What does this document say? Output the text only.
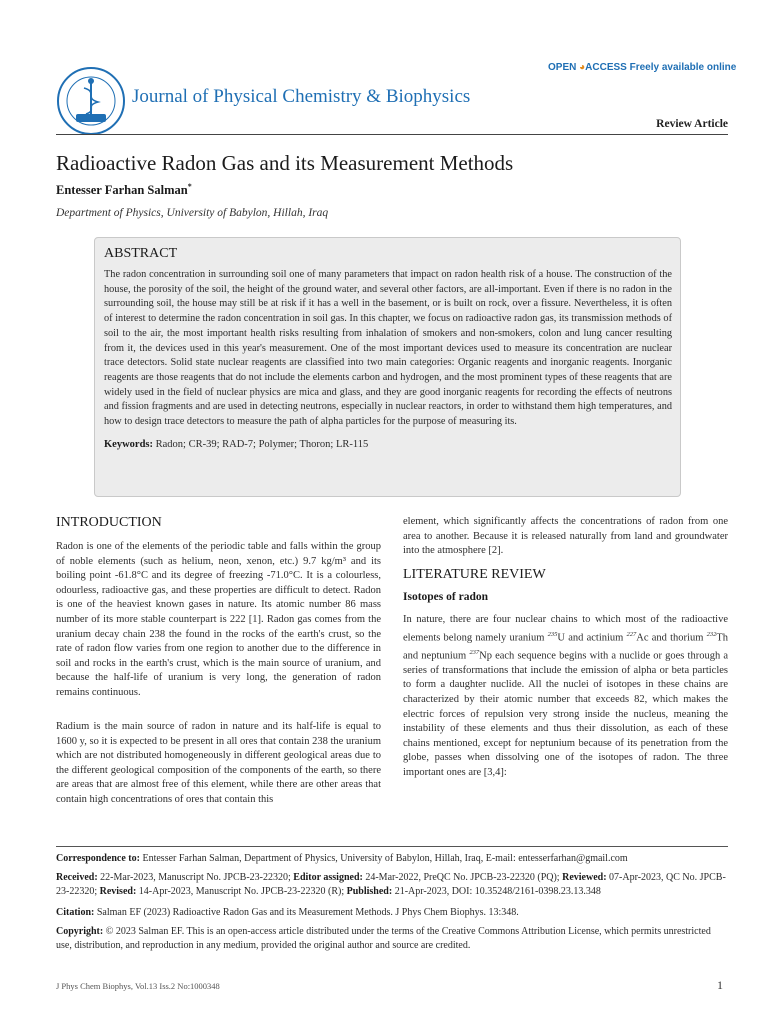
Journal of Physical Chemistry & Biophysics
OPEN ◕ACCESS Freely available online
Review Article
Radioactive Radon Gas and its Measurement Methods
Entesser Farhan Salman*
Department of Physics, University of Babylon, Hillah, Iraq
ABSTRACT

The radon concentration in surrounding soil one of many parameters that impact on radon health risk of a house. The construction of the house, the porosity of the soil, the height of the ground water, and several other factors, are all-important. Even if there is no radon in the surrounding soil, the house may still be at risk if it has a well in the basement, or is built on rock, over a fissure. Nevertheless, it is often of interest to determine the radon concentration in soil gas. In this chapter, we focus on radioactive radon gas, its transmission methods of soil to the air, the most important health risks resulting from inhalation of smokers and non-smokers, colon and lung cancer resulting from it, the devices used in this year's measurement. One of the most important devices used to measure its concentration are nuclear trace detectors. Solid state nuclear reagents are classified into two main categories: Organic reagents and inorganic reagents. Inorganic reagents are those reagents that do not include the elements carbon and hydrogen, and the most prominent types of these reagents that are widely used in the field of nuclear physics are mica and glass, and they are good inorganic reagents for recording the effects of neutrons and fission fragments and are used in detecting neutrons, especially in nuclear reactors, in order to withstand them high temperatures, and how to design trace detectors to measure the path of alpha particles for the purpose of measuring its.

Keywords: Radon; CR-39; RAD-7; Polymer; Thoron; LR-115
INTRODUCTION

Radon is one of the elements of the periodic table and falls within the group of noble elements (such as helium, neon, xenon, etc.) 9.7 kg/m³ and its boiling point -61.8°C and its degree of freezing -71.0°C. It is a colourless, odourless, radioactive gas, and these properties are difficult to detect. Radon is one of the heaviest known gases in nature. Its atomic number 86 mass number of its more stable counterpart is 222 [1]. Radon gas comes from the uranium decay chain 238 the found in the rocks of the earth's crust, so the rate of radon flow varies from one region to another due to the difference in soil and rocks in the earth's crust, which is the main source of uranium, and because the half-life of uranium is very long, the generation of radon remains continuous.

Radium is the main source of radon in nature and its half-life is equal to 1600 y, so it is expected to be present in all ores that contain 238 the uranium which are not distributed homogeneously in different geological areas due to the different geological composition of the components of the earth, so there are areas that are almost free of this element, while there are other areas that contain high concentrations of ores that contain this

element, which significantly affects the concentrations of radon from one area to another. Because it is released naturally from land and groundwater into the atmosphere [2].

LITERATURE REVIEW
Isotopes of radon

In nature, there are four nuclear chains to which most of the radioactive elements belong namely uranium $^{235}$U and actinium $^{227}$Ac and thorium $^{232}$Th and neptunium $^{237}$Np each sequence begins with a nuclide or goes through a series of transformations that include the emission of alpha or beta particles to form a daughter nuclide. All the nuclei of isotopes in these chains are characterized by their atomic number that exceeds 82, which makes the electric forces of repulsion very strong inside the nucleus, meaning the instability of these elements and thus their dissolution, as each of these chains mentioned, except for neptunium because of its penetration from the globe, passes when dissolving one of the isotopes of radon. The three important ones are [3,4]:

Correspondence to: Entesser Farhan Salman, Department of Physics, University of Babylon, Hillah, Iraq, E-mail: entesserfarhan@gmail.com
Received: 22-Mar-2023, Manuscript No. JPCB-23-22320; Editor assigned: 24-Mar-2022, PreQC No. JPCB-23-22320 (PQ); Reviewed: 07-Apr-2023, QC No. JPCB-23-22320; Revised: 14-Apr-2023, Manuscript No. JPCB-23-22320 (R); Published: 21-Apr-2023, DOI: 10.35248/2161-0398.23.13.348
Citation: Salman EF (2023) Radioactive Radon Gas and its Measurement Methods. J Phys Chem Biophys. 13:348.
Copyright: © 2023 Salman EF. This is an open-access article distributed under the terms of the Creative Commons Attribution License, which permits unrestricted use, distribution, and reproduction in any medium, provided the original author and source are credited.
J Phys Chem Biophys, Vol.13 Iss.2 No:1000348	1
